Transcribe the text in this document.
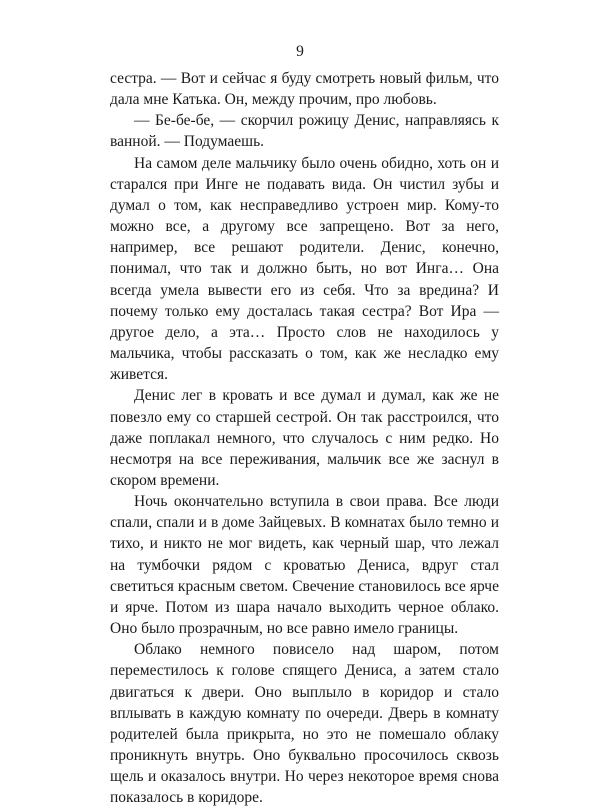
9

сестра. — Вот и сейчас я буду смотреть новый фильм, что дала мне Катька. Он, между прочим, про любовь.

— Бе-бе-бе, — скорчил рожицу Денис, направляясь к ванной. — Подумаешь.

На самом деле мальчику было очень обидно, хоть он и старался при Инге не подавать вида. Он чистил зубы и думал о том, как несправедливо устроен мир. Кому-то можно все, а другому все запрещено. Вот за него, например, все решают родители. Денис, конечно, понимал, что так и должно быть, но вот Инга… Она всегда умела вывести его из себя. Что за вредина? И почему только ему досталась такая сестра? Вот Ира — другое дело, а эта… Просто слов не находилось у мальчика, чтобы рассказать о том, как же несладко ему живется.

Денис лег в кровать и все думал и думал, как же не повезло ему со старшей сестрой. Он так расстроился, что даже поплакал немного, что случалось с ним редко. Но несмотря на все переживания, мальчик все же заснул в скором времени.

Ночь окончательно вступила в свои права. Все люди спали, спали и в доме Зайцевых. В комнатах было темно и тихо, и никто не мог видеть, как черный шар, что лежал на тумбочки рядом с кроватью Дениса, вдруг стал светиться красным светом. Свечение становилось все ярче и ярче. Потом из шара начало выходить черное облако. Оно было прозрачным, но все равно имело границы.

Облако немного повисело над шаром, потом переместилось к голове спящего Дениса, а затем стало двигаться к двери. Оно выплыло в коридор и стало вплывать в каждую комнату по очереди. Дверь в комнату родителей была прикрыта, но это не помешало облаку проникнуть внутрь. Оно буквально просочилось сквозь щель и оказалось внутри. Но через некоторое время снова показалось в коридоре.
